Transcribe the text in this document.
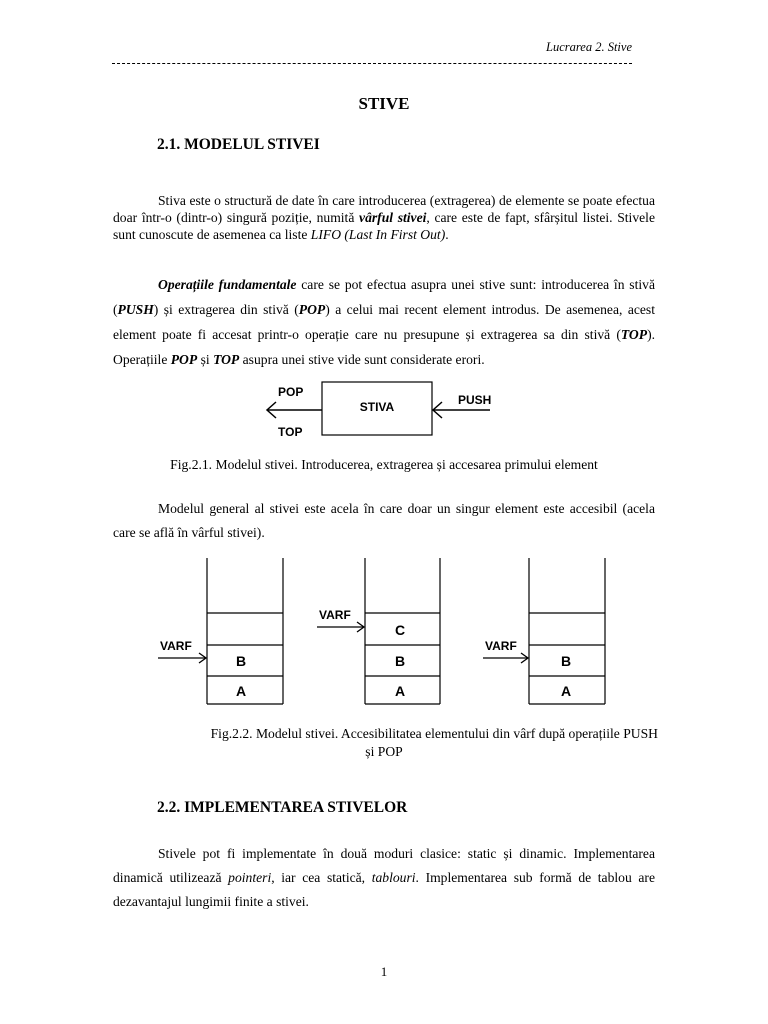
Lucrarea 2. Stive
STIVE
2.1. MODELUL STIVEI
Stiva este o structură de date în care introducerea (extragerea) de elemente se poate efectua doar într-o (dintr-o) singură poziție, numită vârful stivei, care este de fapt, sfârșitul listei. Stivele sunt cunoscute de asemenea ca liste LIFO (Last In First Out).
Operațiile fundamentale care se pot efectua asupra unei stive sunt: introducerea în stivă (PUSH) și extragerea din stivă (POP) a celui mai recent element introdus. De asemenea, acest element poate fi accesat printr-o operație care nu presupune și extragerea sa din stivă (TOP). Operațiile POP și TOP asupra unei stive vide sunt considerate erori.
STIVA
POP
TOP
PUSH
Fig.2.1. Modelul stivei. Introducerea, extragerea și accesarea primului element
Modelul general al stivei este acela în care doar un singur element este accesibil (acela care se află în vârful stivei).
B
A
VARF
C
B
A
VARF
B
A
VARF
Fig.2.2. Modelul stivei. Accesibilitatea elementului din vârf după operațiile PUSH
și POP
2.2. IMPLEMENTAREA STIVELOR
Stivele pot fi implementate în două moduri clasice: static și dinamic. Implementarea dinamică utilizează pointeri, iar cea statică, tablouri. Implementarea sub formă de tablou are dezavantajul lungimii finite a stivei.
1
